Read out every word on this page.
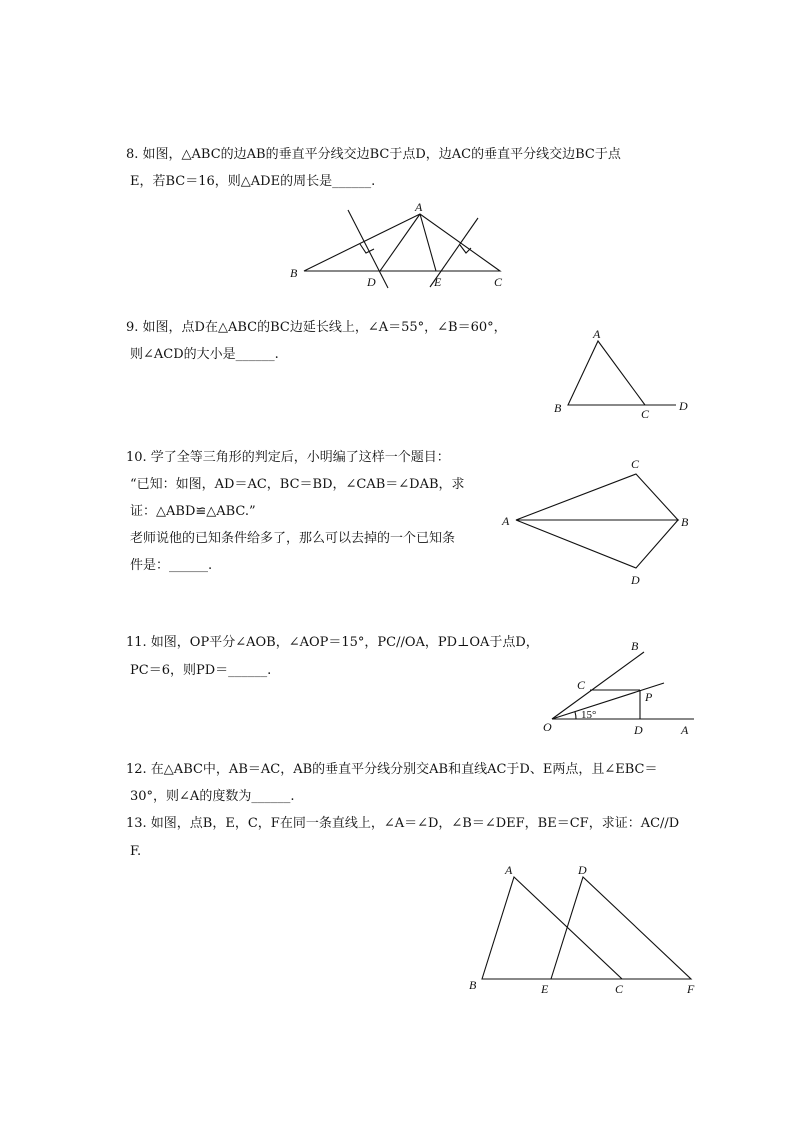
8. 如图，△ABC的边AB的垂直平分线交边BC于点D，边AC的垂直平分线交边BC于点
E，若BC＝16，则△ADE的周长是______.
A
B
D	E	C
9. 如图，点D在△ABC的BC边延长线上，∠A＝55°，∠B＝60°，
则∠ACD的大小是______.
A
B	C
D
10. 学了全等三角形的判定后，小明编了这样一个题目：
“已知：如图，AD＝AC，BC＝BD，∠CAB＝∠DAB，求
证：△ABD≌△ABC.”
老师说他的已知条件给多了，那么可以去掉的一个已知条
件是：______.
C
A	B
D
11. 如图，OP平分∠AOB，∠AOP＝15°，PC//OA，PD⊥OA于点D，
PC＝6，则PD＝______.
B
C
P
15°
O	D	A
12. 在△ABC中，AB＝AC，AB的垂直平分线分别交AB和直线AC于D、E两点，且∠EBC＝
30°，则∠A的度数为______.
13. 如图，点B，E，C，F在同一条直线上，∠A＝∠D，∠B＝∠DEF，BE＝CF，求证：AC//D
F.
A	D
B	E	C	F
